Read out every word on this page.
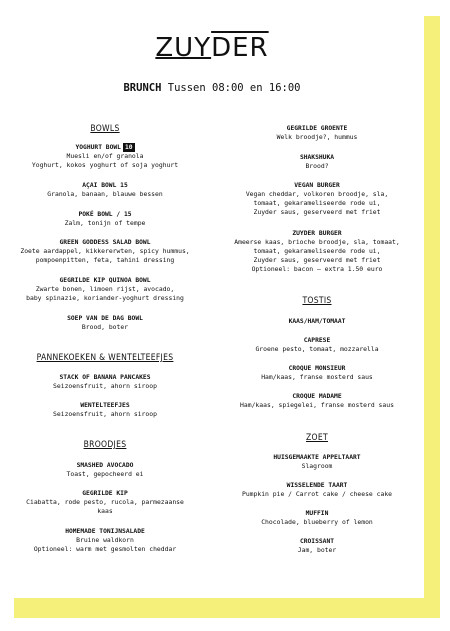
$ZUY\overline{DER}$
BRUNCH Tussen 08:00 en 16:00
BOWLS
YOGHURT BOWL 10
Muesli en/of granola
Yoghurt, kokos yoghurt of soja yoghurt
AÇAI BOWL 15
Granola, banaan, blauwe bessen
POKÉ BOWL / 15
Zalm, tonijn of tempe
GREEN GODDESS SALAD BOWL
Zoete aardappel, kikkererwten, spicy hummus,
pompoenpitten, feta, tahini dressing
GEGRILDE KIP QUINOA BOWL
Zwarte bonen, limoen rijst, avocado,
baby spinazie, koriander-yoghurt dressing
SOEP VAN DE DAG BOWL
Brood, boter
PANNEKOEKEN & WENTELTEEFJES
STACK OF BANANA PANCAKES
Seizoensfruit, ahorn siroop
WENTELTEEFJES
Seizoensfruit, ahorn siroop
BROODJES
SMASHED AVOCADO
Toast, gepocheerd ei
GEGRILDE KIP
Ciabatta, rode pesto, rucola, parmezaanse
kaas
HOMEMADE TONIJNSALADE
Bruine waldkorn
Optioneel: warm met gesmolten cheddar
GEGRILDE GROENTE
Welk broodje?, hummus
SHAKSHUKA
Brood?
VEGAN BURGER
Vegan cheddar, volkoren broodje, sla,
tomaat, gekarameliseerde rode ui,
Zuyder saus, geserveerd met friet
ZUYDER BURGER
Ameerse kaas, brioche broodje, sla, tomaat,
tomaat, gekarameliseerde rode ui,
Zuyder saus, geserveerd met friet
Optioneel: bacon – extra 1.50 euro
TOSTIS
KAAS/HAM/TOMAAT
CAPRESE
Groene pesto, tomaat, mozzarella
CROQUE MONSIEUR
Ham/kaas, franse mosterd saus
CROQUE MADAME
Ham/kaas, spiegelei, franse mosterd saus
ZOET
HUISGEMAAKTE APPELTAART
Slagroom
WISSELENDE TAART
Pumpkin pie / Carrot cake / cheese cake
MUFFIN
Chocolade, blueberry of lemon
CROISSANT
Jam, boter
